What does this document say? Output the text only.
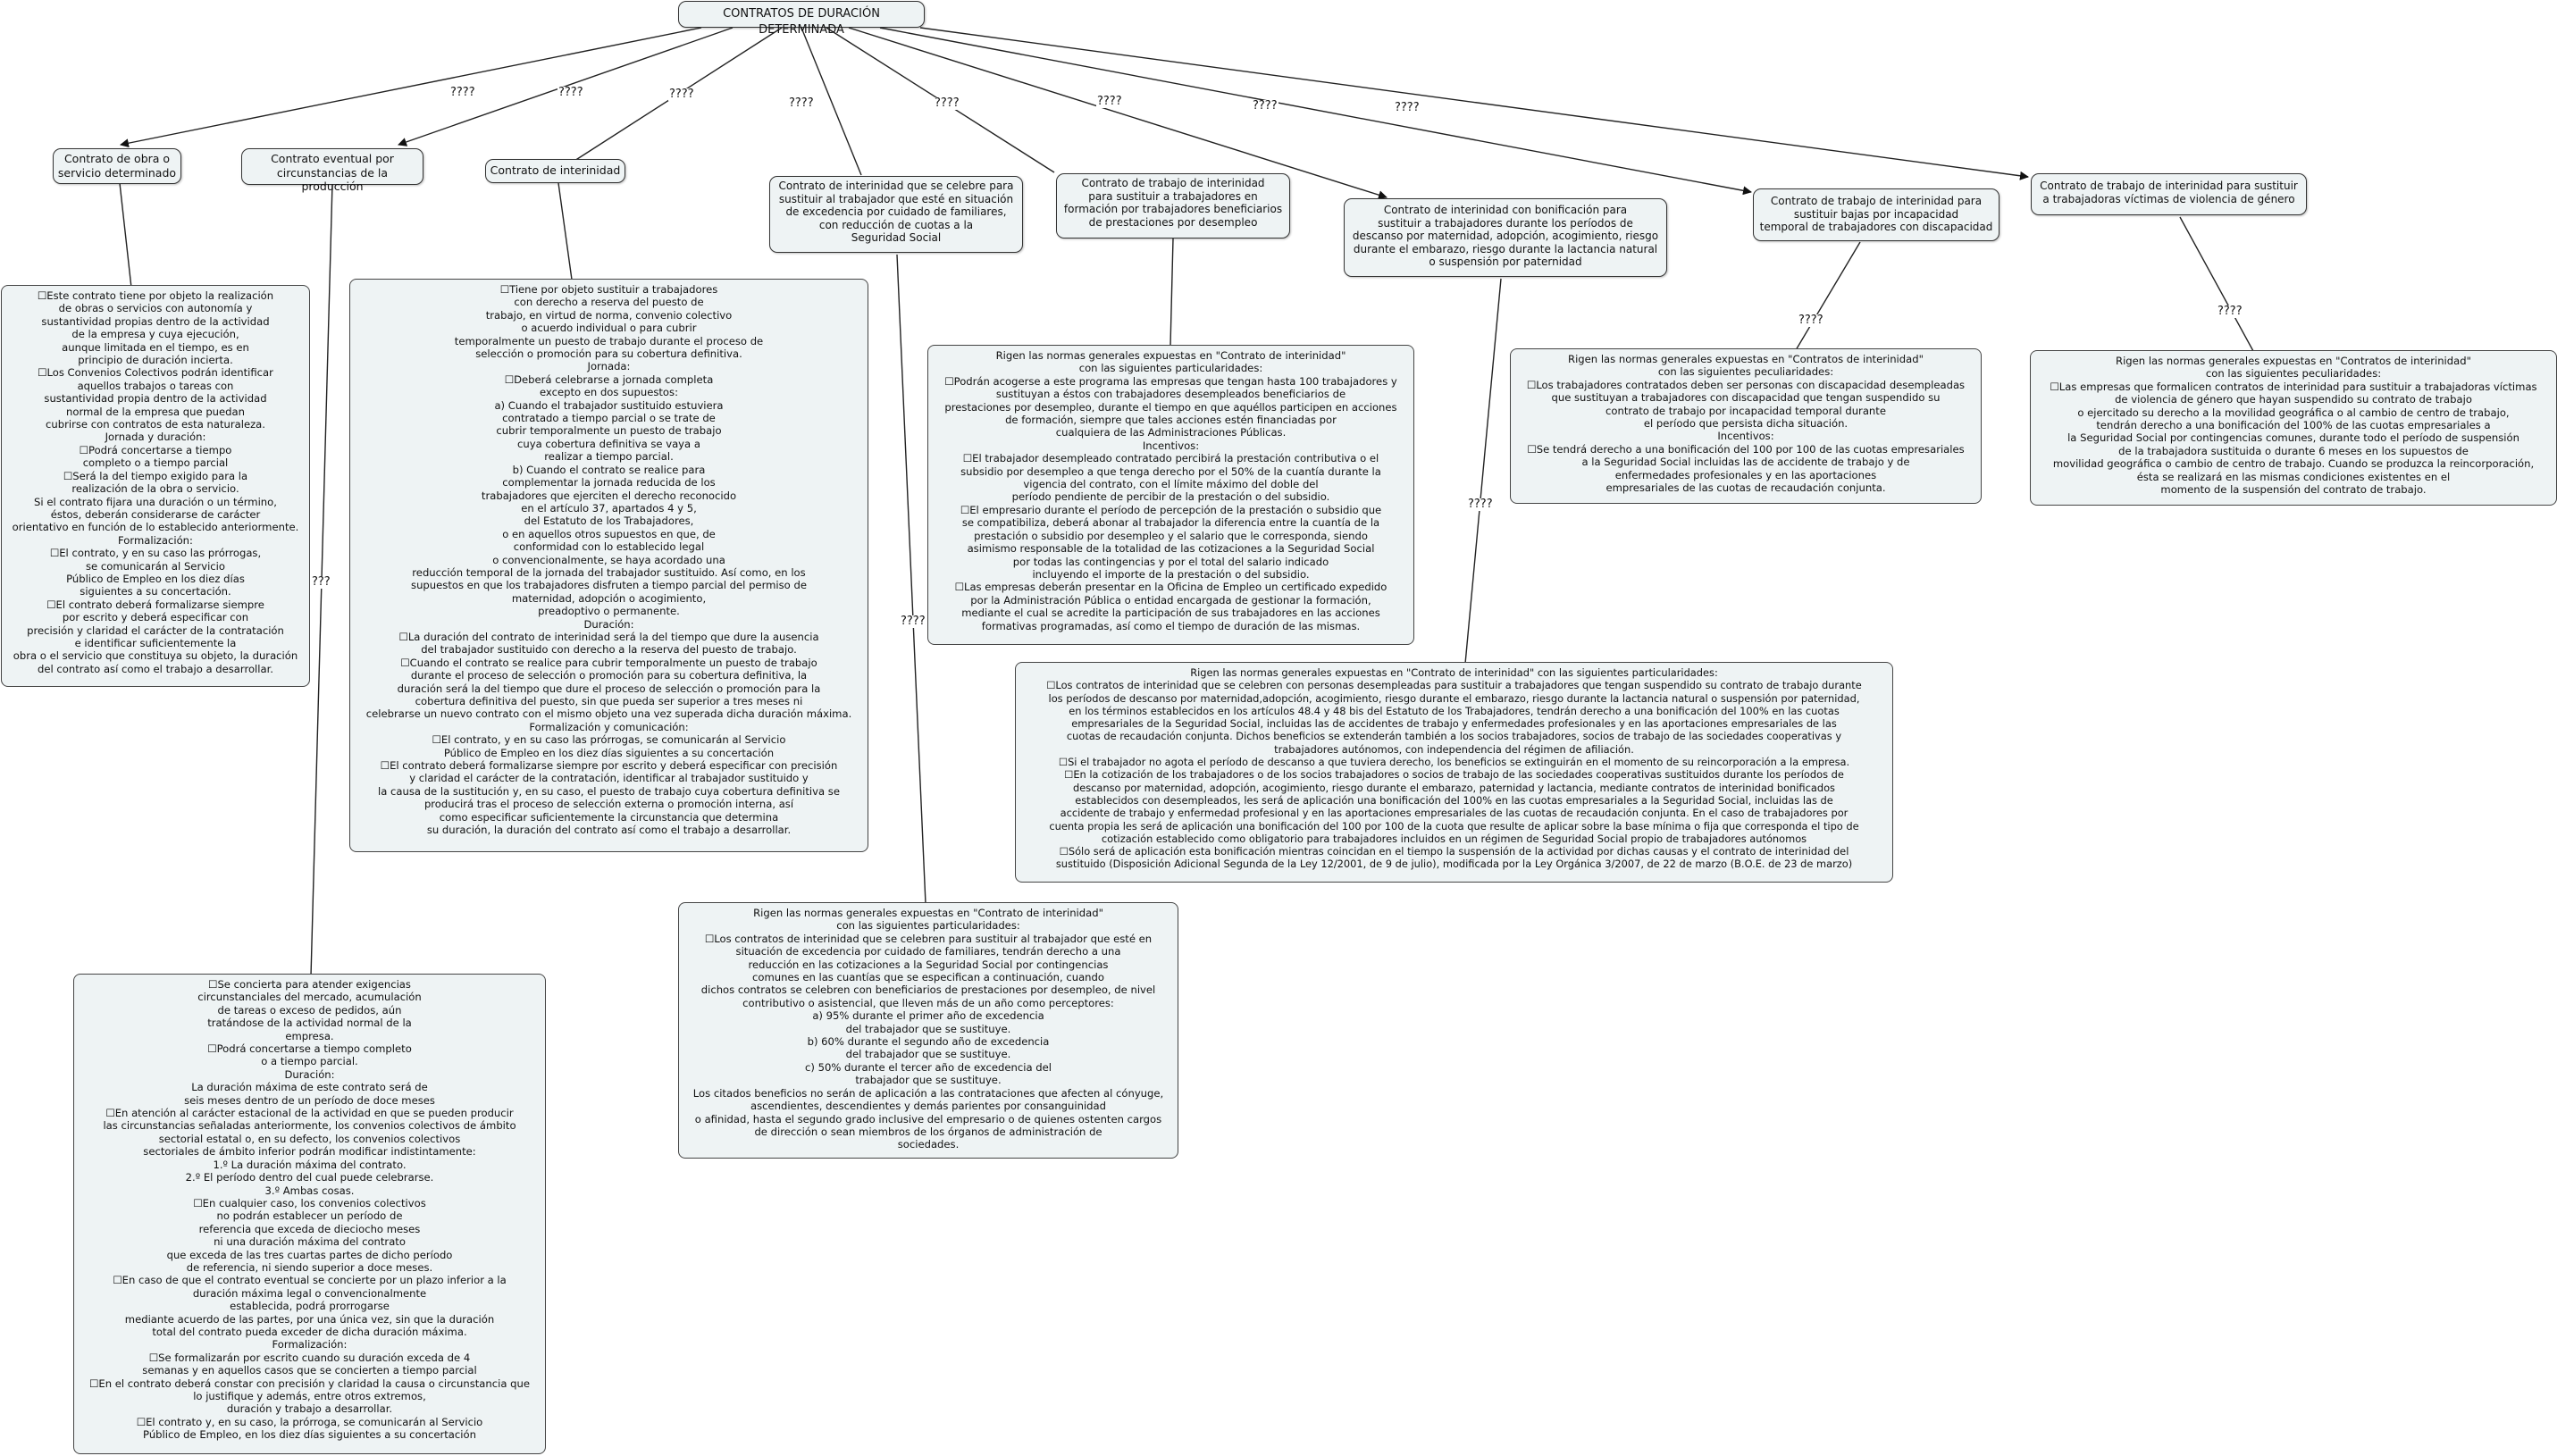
????	????	????
????	????	????	????	????
????
????
????
????
???
CONTRATOS DE DURACIÓN DETERMINADA
Contrato de obra o
servicio determinado
Contrato eventual por
circunstancias de la producción
Contrato de interinidad
Contrato de interinidad que se celebre para
sustituir al trabajador que esté en situación
de excedencia por cuidado de familiares,
con reducción de cuotas a la
Seguridad Social
Contrato de trabajo de interinidad
para sustituir a trabajadores en
formación por trabajadores beneficiarios
de prestaciones por desempleo
Contrato de interinidad con bonificación para
sustituir a trabajadores durante los períodos de
descanso por maternidad, adopción, acogimiento, riesgo
durante el embarazo, riesgo durante la lactancia natural
o suspensión por paternidad
Contrato de trabajo de interinidad para
sustituir bajas por incapacidad
temporal de trabajadores con discapacidad
Contrato de trabajo de interinidad para sustituir
a trabajadoras víctimas de violencia de género
☐Este contrato tiene por objeto la realización
de obras o servicios con autonomía y
sustantividad propias dentro de la actividad
de la empresa y cuya ejecución,
aunque limitada en el tiempo, es en
principio de duración incierta.
☐Los Convenios Colectivos podrán identificar
aquellos trabajos o tareas con
sustantividad propia dentro de la actividad
normal de la empresa que puedan
cubrirse con contratos de esta naturaleza.
Jornada y duración:
☐Podrá concertarse a tiempo
completo o a tiempo parcial
☐Será la del tiempo exigido para la
realización de la obra o servicio.
Si el contrato fijara una duración o un término,
éstos, deberán considerarse de carácter
orientativo en función de lo establecido anteriormente.
Formalización:
☐El contrato, y en su caso las prórrogas,
se comunicarán al Servicio
Público de Empleo en los diez días
siguientes a su concertación.
☐El contrato deberá formalizarse siempre
por escrito y deberá especificar con
precisión y claridad el carácter de la contratación
e identificar suficientemente la
obra o el servicio que constituya su objeto, la duración
del contrato así como el trabajo a desarrollar.
☐Tiene por objeto sustituir a trabajadores
con derecho a reserva del puesto de
trabajo, en virtud de norma, convenio colectivo
o acuerdo individual o para cubrir
temporalmente un puesto de trabajo durante el proceso de
selección o promoción para su cobertura definitiva.
Jornada:
☐Deberá celebrarse a jornada completa
excepto en dos supuestos:
a) Cuando el trabajador sustituido estuviera
contratado a tiempo parcial o se trate de
cubrir temporalmente un puesto de trabajo
cuya cobertura definitiva se vaya a
realizar a tiempo parcial.
b) Cuando el contrato se realice para
complementar la jornada reducida de los
trabajadores que ejerciten el derecho reconocido
en el artículo 37, apartados 4 y 5,
del Estatuto de los Trabajadores,
o en aquellos otros supuestos en que, de
conformidad con lo establecido legal
o convencionalmente, se haya acordado una
reducción temporal de la jornada del trabajador sustituido. Así como, en los
supuestos en que los trabajadores disfruten a tiempo parcial del permiso de
maternidad, adopción o acogimiento,
preadoptivo o permanente.
Duración:
☐La duración del contrato de interinidad será la del tiempo que dure la ausencia
del trabajador sustituido con derecho a la reserva del puesto de trabajo.
☐Cuando el contrato se realice para cubrir temporalmente un puesto de trabajo
durante el proceso de selección o promoción para su cobertura definitiva, la
duración será la del tiempo que dure el proceso de selección o promoción para la
cobertura definitiva del puesto, sin que pueda ser superior a tres meses ni
celebrarse un nuevo contrato con el mismo objeto una vez superada dicha duración máxima.
Formalización y comunicación:
☐El contrato, y en su caso las prórrogas, se comunicarán al Servicio
Público de Empleo en los diez días siguientes a su concertación
☐El contrato deberá formalizarse siempre por escrito y deberá especificar con precisión
y claridad el carácter de la contratación, identificar al trabajador sustituido y
la causa de la sustitución y, en su caso, el puesto de trabajo cuya cobertura definitiva se
producirá tras el proceso de selección externa o promoción interna, así
como especificar suficientemente la circunstancia que determina
su duración, la duración del contrato así como el trabajo a desarrollar.
Rigen las normas generales expuestas en "Contrato de interinidad"
con las siguientes particularidades:
☐Podrán acogerse a este programa las empresas que tengan hasta 100 trabajadores y
sustituyan a éstos con trabajadores desempleados beneficiarios de
prestaciones por desempleo, durante el tiempo en que aquéllos participen en acciones
de formación, siempre que tales acciones estén financiadas por
cualquiera de las Administraciones Públicas.
Incentivos:
☐El trabajador desempleado contratado percibirá la prestación contributiva o el
subsidio por desempleo a que tenga derecho por el 50% de la cuantía durante la
vigencia del contrato, con el límite máximo del doble del
período pendiente de percibir de la prestación o del subsidio.
☐El empresario durante el período de percepción de la prestación o subsidio que
se compatibiliza, deberá abonar al trabajador la diferencia entre la cuantía de la
prestación o subsidio por desempleo y el salario que le corresponda, siendo
asimismo responsable de la totalidad de las cotizaciones a la Seguridad Social
por todas las contingencias y por el total del salario indicado
incluyendo el importe de la prestación o del subsidio.
☐Las empresas deberán presentar en la Oficina de Empleo un certificado expedido
por la Administración Pública o entidad encargada de gestionar la formación,
mediante el cual se acredite la participación de sus trabajadores en las acciones
formativas programadas, así como el tiempo de duración de las mismas.
Rigen las normas generales expuestas en "Contratos de interinidad"
con las siguientes peculiaridades:
☐Los trabajadores contratados deben ser personas con discapacidad desempleadas
que sustituyan a trabajadores con discapacidad que tengan suspendido su
contrato de trabajo por incapacidad temporal durante
el período que persista dicha situación.
Incentivos:
☐Se tendrá derecho a una bonificación del 100 por 100 de las cuotas empresariales
a la Seguridad Social incluidas las de accidente de trabajo y de
enfermedades profesionales y en las aportaciones
empresariales de las cuotas de recaudación conjunta.
Rigen las normas generales expuestas en "Contratos de interinidad"
con las siguientes peculiaridades:
☐Las empresas que formalicen contratos de interinidad para sustituir a trabajadoras víctimas
de violencia de género que hayan suspendido su contrato de trabajo
o ejercitado su derecho a la movilidad geográfica o al cambio de centro de trabajo,
tendrán derecho a una bonificación del 100% de las cuotas empresariales a
la Seguridad Social por contingencias comunes, durante todo el período de suspensión
de la trabajadora sustituida o durante 6 meses en los supuestos de
movilidad geográfica o cambio de centro de trabajo. Cuando se produzca la reincorporación,
ésta se realizará en las mismas condiciones existentes en el
momento de la suspensión del contrato de trabajo.
Rigen las normas generales expuestas en "Contrato de interinidad" con las siguientes particularidades:
☐Los contratos de interinidad que se celebren con personas desempleadas para sustituir a trabajadores que tengan suspendido su contrato de trabajo durante
los períodos de descanso por maternidad,adopción, acogimiento, riesgo durante el embarazo, riesgo durante la lactancia natural o suspensión por paternidad,
en los términos establecidos en los artículos 48.4 y 48 bis del Estatuto de los Trabajadores, tendrán derecho a una bonificación del 100% en las cuotas
empresariales de la Seguridad Social, incluidas las de accidentes de trabajo y enfermedades profesionales y en las aportaciones empresariales de las
cuotas de recaudación conjunta. Dichos beneficios se extenderán también a los socios trabajadores, socios de trabajo de las sociedades cooperativas y
trabajadores autónomos, con independencia del régimen de afiliación.
☐Si el trabajador no agota el período de descanso a que tuviera derecho, los beneficios se extinguirán en el momento de su reincorporación a la empresa.
☐En la cotización de los trabajadores o de los socios trabajadores o socios de trabajo de las sociedades cooperativas sustituidos durante los períodos de
descanso por maternidad, adopción, acogimiento, riesgo durante el embarazo, paternidad y lactancia, mediante contratos de interinidad bonificados
establecidos con desempleados, les será de aplicación una bonificación del 100% en las cuotas empresariales a la Seguridad Social, incluidas las de
accidente de trabajo y enfermedad profesional y en las aportaciones empresariales de las cuotas de recaudación conjunta. En el caso de trabajadores por
cuenta propia les será de aplicación una bonificación del 100 por 100 de la cuota que resulte de aplicar sobre la base mínima o fija que corresponda el tipo de
cotización establecido como obligatorio para trabajadores incluidos en un régimen de Seguridad Social propio de trabajadores autónomos
☐Sólo será de aplicación esta bonificación mientras coincidan en el tiempo la suspensión de la actividad por dichas causas y el contrato de interinidad del
sustituido (Disposición Adicional Segunda de la Ley 12/2001, de 9 de julio), modificada por la Ley Orgánica 3/2007, de 22 de marzo (B.O.E. de 23 de marzo)
Rigen las normas generales expuestas en "Contrato de interinidad"
con las siguientes particularidades:
☐Los contratos de interinidad que se celebren para sustituir al trabajador que esté en
situación de excedencia por cuidado de familiares, tendrán derecho a una
reducción en las cotizaciones a la Seguridad Social por contingencias
comunes en las cuantías que se especifican a continuación, cuando
dichos contratos se celebren con beneficiarios de prestaciones por desempleo, de nivel
contributivo o asistencial, que lleven más de un año como perceptores:
a) 95% durante el primer año de excedencia
del trabajador que se sustituye.
b) 60% durante el segundo año de excedencia
del trabajador que se sustituye.
c) 50% durante el tercer año de excedencia del
trabajador que se sustituye.
Los citados beneficios no serán de aplicación a las contrataciones que afecten al cónyuge,
ascendientes, descendientes y demás parientes por consanguinidad
o afinidad, hasta el segundo grado inclusive del empresario o de quienes ostenten cargos
de dirección o sean miembros de los órganos de administración de
sociedades.
☐Se concierta para atender exigencias
circunstanciales del mercado, acumulación
de tareas o exceso de pedidos, aún
tratándose de la actividad normal de la
empresa.
☐Podrá concertarse a tiempo completo
o a tiempo parcial.
Duración:
La duración máxima de este contrato será de
seis meses dentro de un período de doce meses
☐En atención al carácter estacional de la actividad en que se pueden producir
las circunstancias señaladas anteriormente, los convenios colectivos de ámbito
sectorial estatal o, en su defecto, los convenios colectivos
sectoriales de ámbito inferior podrán modificar indistintamente:
1.º La duración máxima del contrato.
2.º El período dentro del cual puede celebrarse.
3.º Ambas cosas.
☐En cualquier caso, los convenios colectivos
no podrán establecer un período de
referencia que exceda de dieciocho meses
ni una duración máxima del contrato
que exceda de las tres cuartas partes de dicho período
de referencia, ni siendo superior a doce meses.
☐En caso de que el contrato eventual se concierte por un plazo inferior a la
duración máxima legal o convencionalmente
establecida, podrá prorrogarse
mediante acuerdo de las partes, por una única vez, sin que la duración
total del contrato pueda exceder de dicha duración máxima.
Formalización:
☐Se formalizarán por escrito cuando su duración exceda de 4
semanas y en aquellos casos que se concierten a tiempo parcial
☐En el contrato deberá constar con precisión y claridad la causa o circunstancia que
lo justifique y además, entre otros extremos,
duración y trabajo a desarrollar.
☐El contrato y, en su caso, la prórroga, se comunicarán al Servicio
Público de Empleo, en los diez días siguientes a su concertación
